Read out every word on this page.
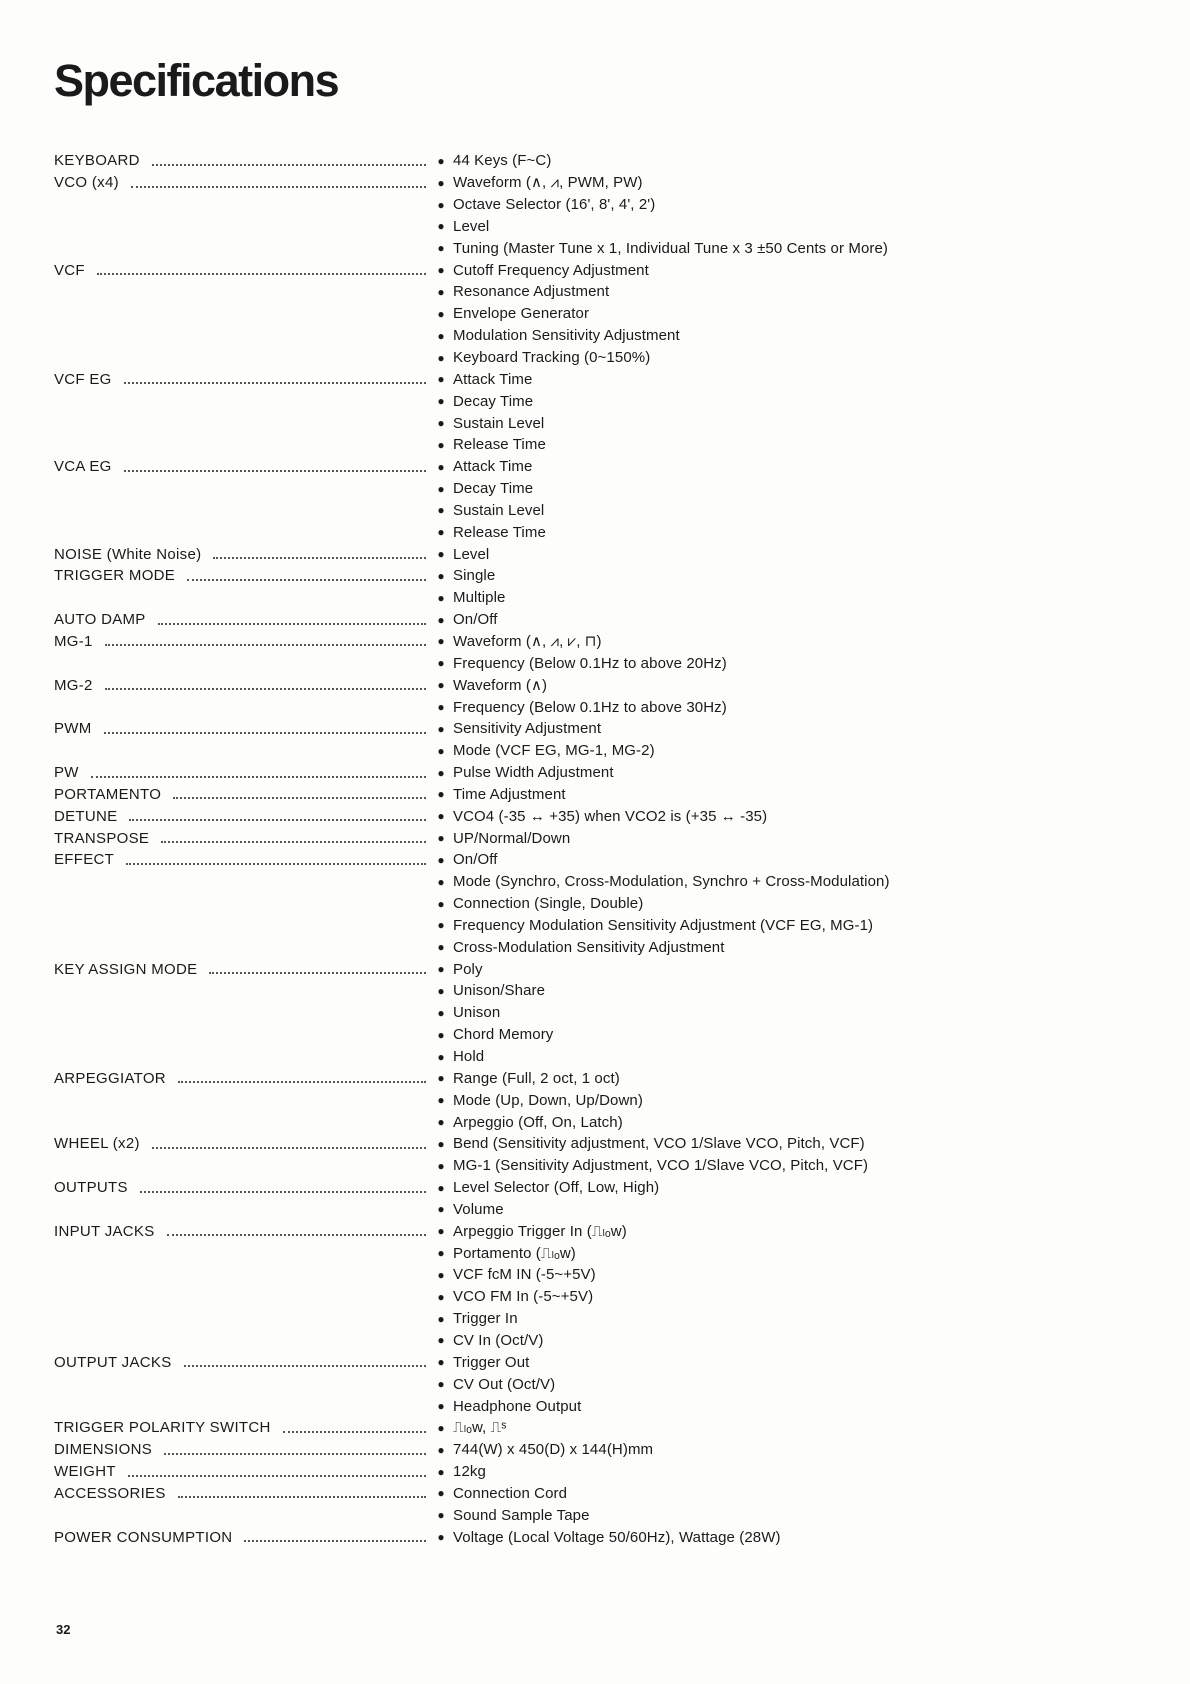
Specifications
KEYBOARD	● 44 Keys (F~C)
VCO (x4)	● Waveform (∧, ⩘, PWM, PW)
● Octave Selector (16', 8', 4', 2')
● Level
● Tuning (Master Tune x 1, Individual Tune x 3 ±50 Cents or More)
VCF	● Cutoff Frequency Adjustment
● Resonance Adjustment
● Envelope Generator
● Modulation Sensitivity Adjustment
● Keyboard Tracking (0~150%)
VCF EG	● Attack Time
● Decay Time
● Sustain Level
● Release Time
VCA EG	● Attack Time
● Decay Time
● Sustain Level
● Release Time
NOISE (White Noise)	● Level
TRIGGER MODE	● Single
● Multiple
AUTO DAMP	● On/Off
MG-1	● Waveform (∧, ⩘, ⩗, ⊓)
● Frequency (Below 0.1Hz to above 20Hz)
MG-2	● Waveform (∧)
● Frequency (Below 0.1Hz to above 30Hz)
PWM	● Sensitivity Adjustment
● Mode (VCF EG, MG-1, MG-2)
PW	● Pulse Width Adjustment
PORTAMENTO	● Time Adjustment
DETUNE	● VCO4 (-35 ↔ +35) when VCO2 is (+35 ↔ -35)
TRANSPOSE	● UP/Normal/Down
EFFECT	● On/Off
● Mode (Synchro, Cross-Modulation, Synchro + Cross-Modulation)
● Connection (Single, Double)
● Frequency Modulation Sensitivity Adjustment (VCF EG, MG-1)
● Cross-Modulation Sensitivity Adjustment
KEY ASSIGN MODE	● Poly
● Unison/Share
● Unison
● Chord Memory
● Hold
ARPEGGIATOR	● Range (Full, 2 oct, 1 oct)
● Mode (Up, Down, Up/Down)
● Arpeggio (Off, On, Latch)
WHEEL (x2)	● Bend (Sensitivity adjustment, VCO 1/Slave VCO, Pitch, VCF)
● MG-1 (Sensitivity Adjustment, VCO 1/Slave VCO, Pitch, VCF)
OUTPUTS	● Level Selector (Off, Low, High)
● Volume
INPUT JACKS	● Arpeggio Trigger In (⎍ₗₒw)
● Portamento (⎍ₗₒw)
● VCF fcM IN (-5~+5V)
● VCO FM In (-5~+5V)
● Trigger In
● CV In (Oct/V)
OUTPUT JACKS	● Trigger Out
● CV Out (Oct/V)
● Headphone Output
TRIGGER POLARITY SWITCH	● ⎍ₗₒw, ⎍ˢ
DIMENSIONS	● 744(W) x 450(D) x 144(H)mm
WEIGHT	● 12kg
ACCESSORIES	● Connection Cord
● Sound Sample Tape
POWER CONSUMPTION	● Voltage (Local Voltage 50/60Hz), Wattage (28W)
32
